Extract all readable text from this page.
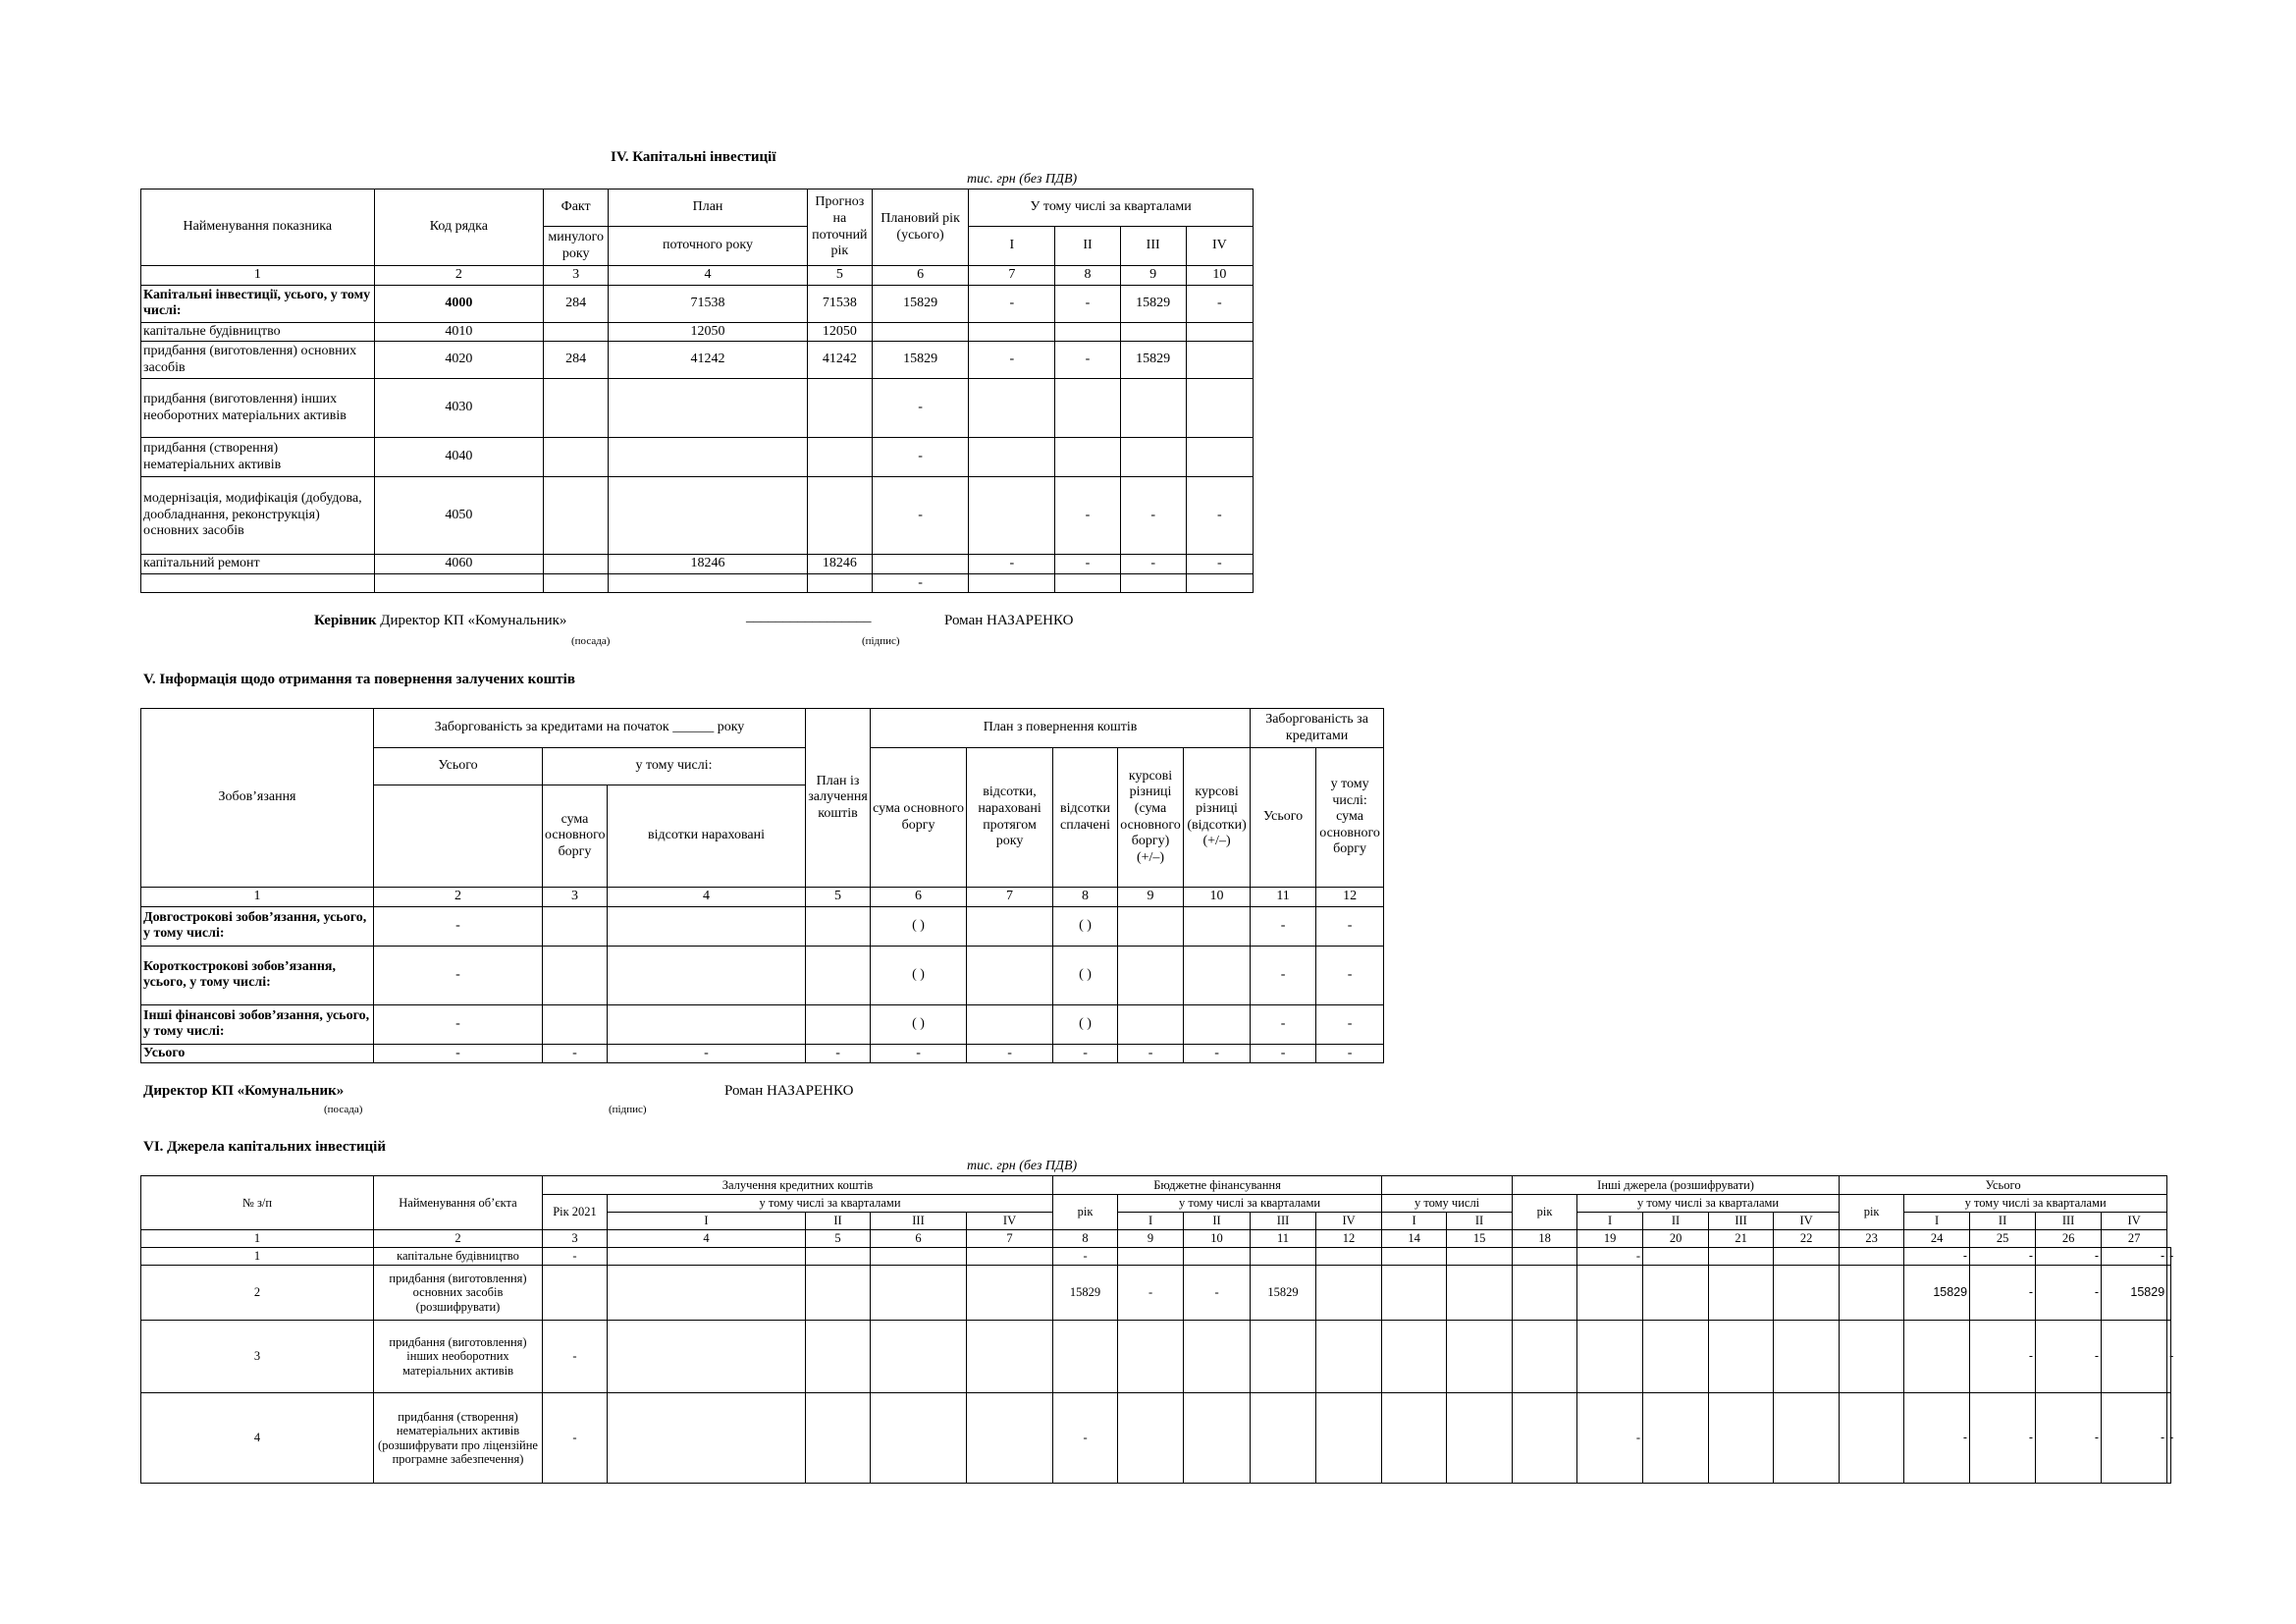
IV. Капітальні інвестиції
тис. грн (без ПДВ)
Найменування показника	Код рядка	Факт	План	Прогноз на поточний рік	Плановий рік (усього)	У тому числі за кварталами			
		минулого року	поточного року			I	II	III	IV
1	2	3	4	5	6	7	8	9	10
Капітальні інвестиції, усього, у тому числі:	4000	284	71538	71538	15829	-	-	15829	-
капітальне будівництво	4010		12050	12050					
придбання (виготовлення) основних засобів	4020	284	41242	41242	15829	-	-	15829	
придбання (виготовлення) інших необоротних матеріальних активів	4030				-				
придбання (створення) нематеріальних активів	4040				-				
модернізація, модифікація (добудова, дообладнання, реконструкція) основних засобів	4050				-		-	-	-
капітальний ремонт	4060		18246	18246		-	-	-	-
					-				
Керівник Директор КП «Комунальник»	_________________	Роман НАЗАРЕНКО
(посада)	(підпис)
V. Інформація щодо отримання та повернення залучених коштів
Зобов’язання	Заборгованість за кредитами на початок ______ року			План із залучення коштів	План з повернення коштів					Заборгованість за кредитами	
	Усього	у тому числі:			сума основного боргу	відсотки, нараховані протягом року	відсотки сплачені	курсові різниці (сума основного боргу) (+/–)	курсові різниці (відсотки) (+/–)	Усього	у тому числі: сума основного боргу
		сума основного боргу	відсотки нараховані								
1	2	3	4	5	6	7	8	9	10	11	12
Довгострокові зобов’язання, усього, у тому числі:	-				( )		( )			-	-
Короткострокові зобов’язання, усього, у тому числі:	-				( )		( )			-	-
Інші фінансові зобов’язання, усього, у тому числі:	-				( )		( )			-	-
Усього	-	-	-	-	-	-	-	-	-	-	-
Директор КП «Комунальник»	Роман НАЗАРЕНКО
(посада)	(підпис)
VI. Джерела капітальних інвестицій
тис. грн (без ПДВ)
№ з/п	Найменування об’єкта	Залучення кредитних коштів					Бюджетне фінансування							Інші джерела (розшифрувати)					Усього					
		Рік 2021	у тому числі за кварталами				рік	у тому числі за кварталами				у тому числі		рік	у тому числі за кварталами				рік	у тому числі за кварталами				
			I	II	III	IV		I	II	III	IV	I	II		I	II	III	IV		I	II	III	IV	
1	2	3	4	5	6	7	8	9	10	11	12	14	15	18	19	20	21	22	23	24	25	26	27	
1	капітальне будівництво	-					-								-					-	-	-	-	-
2	придбання (виготовлення) основних засобів (розшифрувати)						15829	-	-	15829										15829	-	-	15829	
3	придбання (виготовлення) інших необоротних матеріальних активів	-																			-	-		-
4	придбання (створення) нематеріальних активів (розшифрувати про ліцензійне програмне забезпечення)	-					-								-					-	-	-	-	-
